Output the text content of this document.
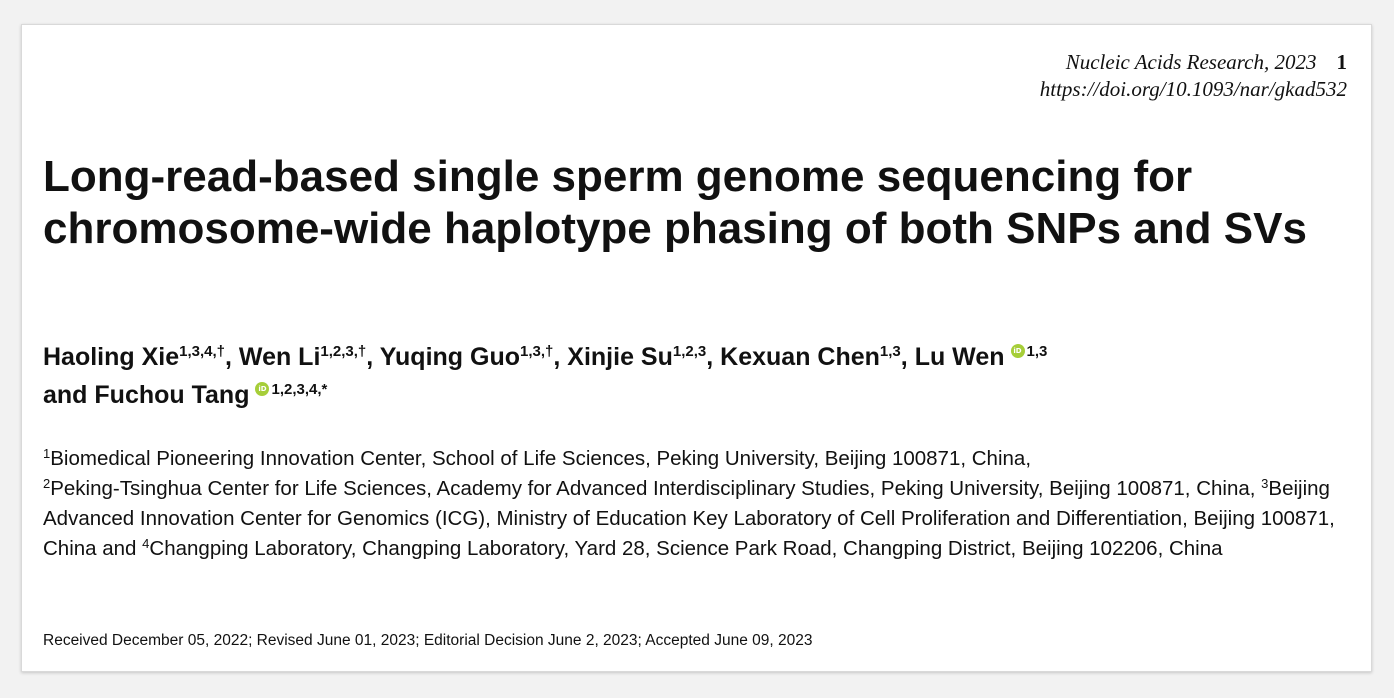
Nucleic Acids Research, 2023 1
https://doi.org/10.1093/nar/gkad532
Long-read-based single sperm genome sequencing for chromosome-wide haplotype phasing of both SNPs and SVs
Haoling Xie$^{1,3,4,\dagger}$, Wen $Li^{1,2,3,\dagger}$, Yuqing Guo$^{1,3,\dagger}$, Xinjie Su$^{1,2,3}$, Kexuan Chen$^{1,3}$, Lu Wen iD $^{1,3}$
and Fuchou Tang iD $^{1,2,3,4,*}$
$^1$Biomedical Pioneering Innovation Center, School of Life Sciences, Peking University, Beijing 100871, China,
$^2$Peking-Tsinghua Center for Life Sciences, Academy for Advanced Interdisciplinary Studies, Peking University, Beijing 100871, China, $^3$Beijing Advanced Innovation Center for Genomics (ICG), Ministry of Education Key Laboratory of Cell Proliferation and Differentiation, Beijing 100871, China and $^4$Changping Laboratory, Changping Laboratory, Yard 28, Science Park Road, Changping District, Beijing 102206, China
Received December 05, 2022; Revised June 01, 2023; Editorial Decision June 2, 2023; Accepted June 09, 2023
